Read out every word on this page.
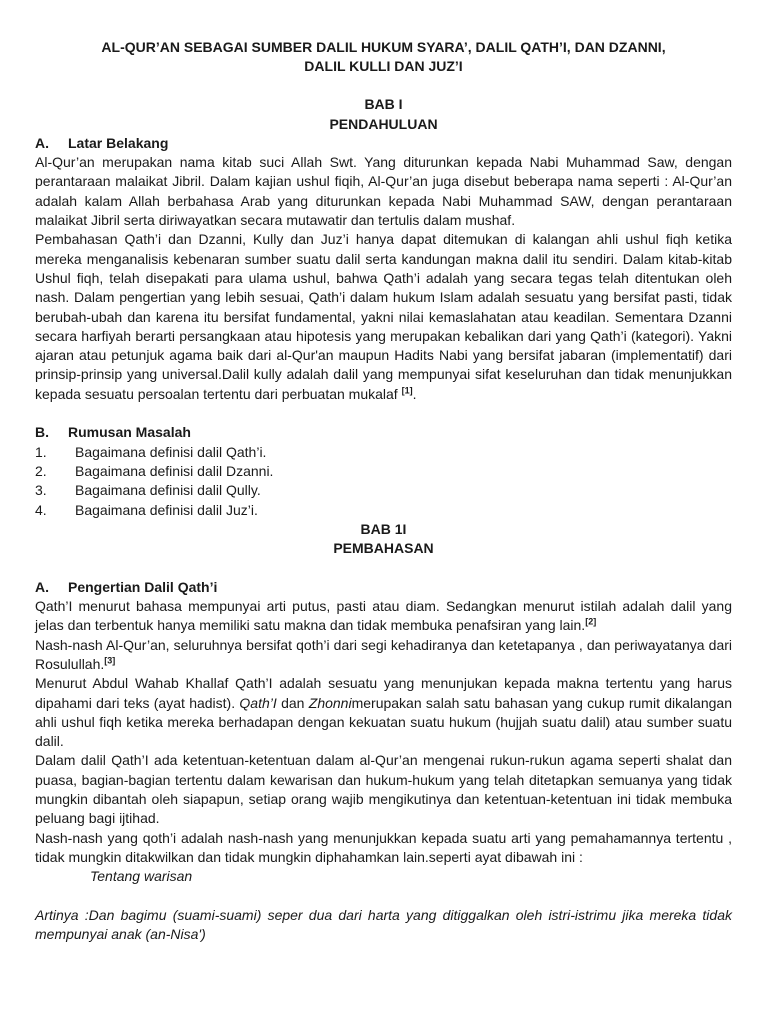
AL-QUR’AN SEBAGAI SUMBER DALIL HUKUM SYARA’, DALIL QATH’I, DAN DZANNI,
DALIL KULLI DAN JUZ’I
BAB I
PENDAHULUAN
A.	Latar Belakang
Al-Qur’an merupakan nama kitab suci Allah Swt. Yang diturunkan kepada Nabi Muhammad Saw, dengan perantaraan malaikat Jibril. Dalam kajian ushul fiqih, Al-Qur’an juga disebut beberapa nama seperti : Al-Qur’an adalah kalam Allah berbahasa Arab yang diturunkan kepada Nabi Muhammad SAW, dengan perantaraan malaikat Jibril serta diriwayatkan secara mutawatir dan tertulis dalam mushaf.
Pembahasan Qath’i dan Dzanni, Kully dan Juz’i hanya dapat ditemukan di kalangan ahli ushul fiqh ketika mereka menganalisis kebenaran sumber suatu dalil serta kandungan makna dalil itu sendiri. Dalam kitab-kitab Ushul fiqh, telah disepakati para ulama ushul, bahwa Qath’i adalah yang secara tegas telah ditentukan oleh nash. Dalam pengertian yang lebih sesuai, Qath’i dalam hukum Islam adalah sesuatu yang bersifat pasti, tidak berubah-ubah dan karena itu bersifat fundamental, yakni nilai kemaslahatan atau keadilan. Sementara Dzanni secara harfiyah berarti persangkaan atau hipotesis yang merupakan kebalikan dari yang Qath’i (kategori). Yakni ajaran atau petunjuk agama baik dari al-Qur'an maupun Hadits Nabi yang bersifat jabaran (implementatif) dari prinsip-prinsip yang universal.Dalil kully adalah dalil yang mempunyai sifat keseluruhan dan tidak menunjukkan kepada sesuatu persoalan tertentu dari perbuatan mukalaf [1].
B.	Rumusan Masalah
1.	Bagaimana definisi dalil Qath’i.
2.	Bagaimana definisi dalil Dzanni.
3.	Bagaimana definisi dalil Qully.
4.	Bagaimana definisi dalil Juz’i.
BAB 1I
PEMBAHASAN
A.	Pengertian Dalil Qath’i
Qath’I menurut bahasa mempunyai arti putus, pasti atau diam. Sedangkan menurut istilah adalah dalil yang jelas dan terbentuk hanya memiliki satu makna dan tidak membuka penafsiran yang lain.[2]
Nash-nash Al-Qur’an, seluruhnya bersifat qoth’i dari segi kehadiranya dan ketetapanya , dan periwayatanya dari Rosulullah.[3]
Menurut Abdul Wahab Khallaf Qath’I adalah sesuatu yang menunjukan kepada makna tertentu yang harus dipahami dari teks (ayat hadist). Qath’I dan Zhonnimerupakan salah satu bahasan yang cukup rumit dikalangan ahli ushul fiqh ketika mereka berhadapan dengan kekuatan suatu hukum (hujjah suatu dalil) atau sumber suatu dalil.
Dalam dalil Qath’I ada ketentuan-ketentuan dalam al-Qur’an mengenai rukun-rukun agama seperti shalat dan puasa, bagian-bagian tertentu dalam kewarisan dan hukum-hukum yang telah ditetapkan semuanya yang tidak mungkin dibantah oleh siapapun, setiap orang wajib mengikutinya dan ketentuan-ketentuan ini tidak membuka peluang bagi ijtihad.
Nash-nash yang qoth’i adalah nash-nash yang menunjukkan kepada suatu arti yang pemahamannya tertentu , tidak mungkin ditakwilkan dan tidak mungkin diphahamkan lain.seperti ayat dibawah ini :
Tentang warisan
Artinya :Dan bagimu (suami-suami) seper dua dari harta yang ditiggalkan oleh istri-istrimu jika mereka tidak mempunyai anak (an-Nisa')
